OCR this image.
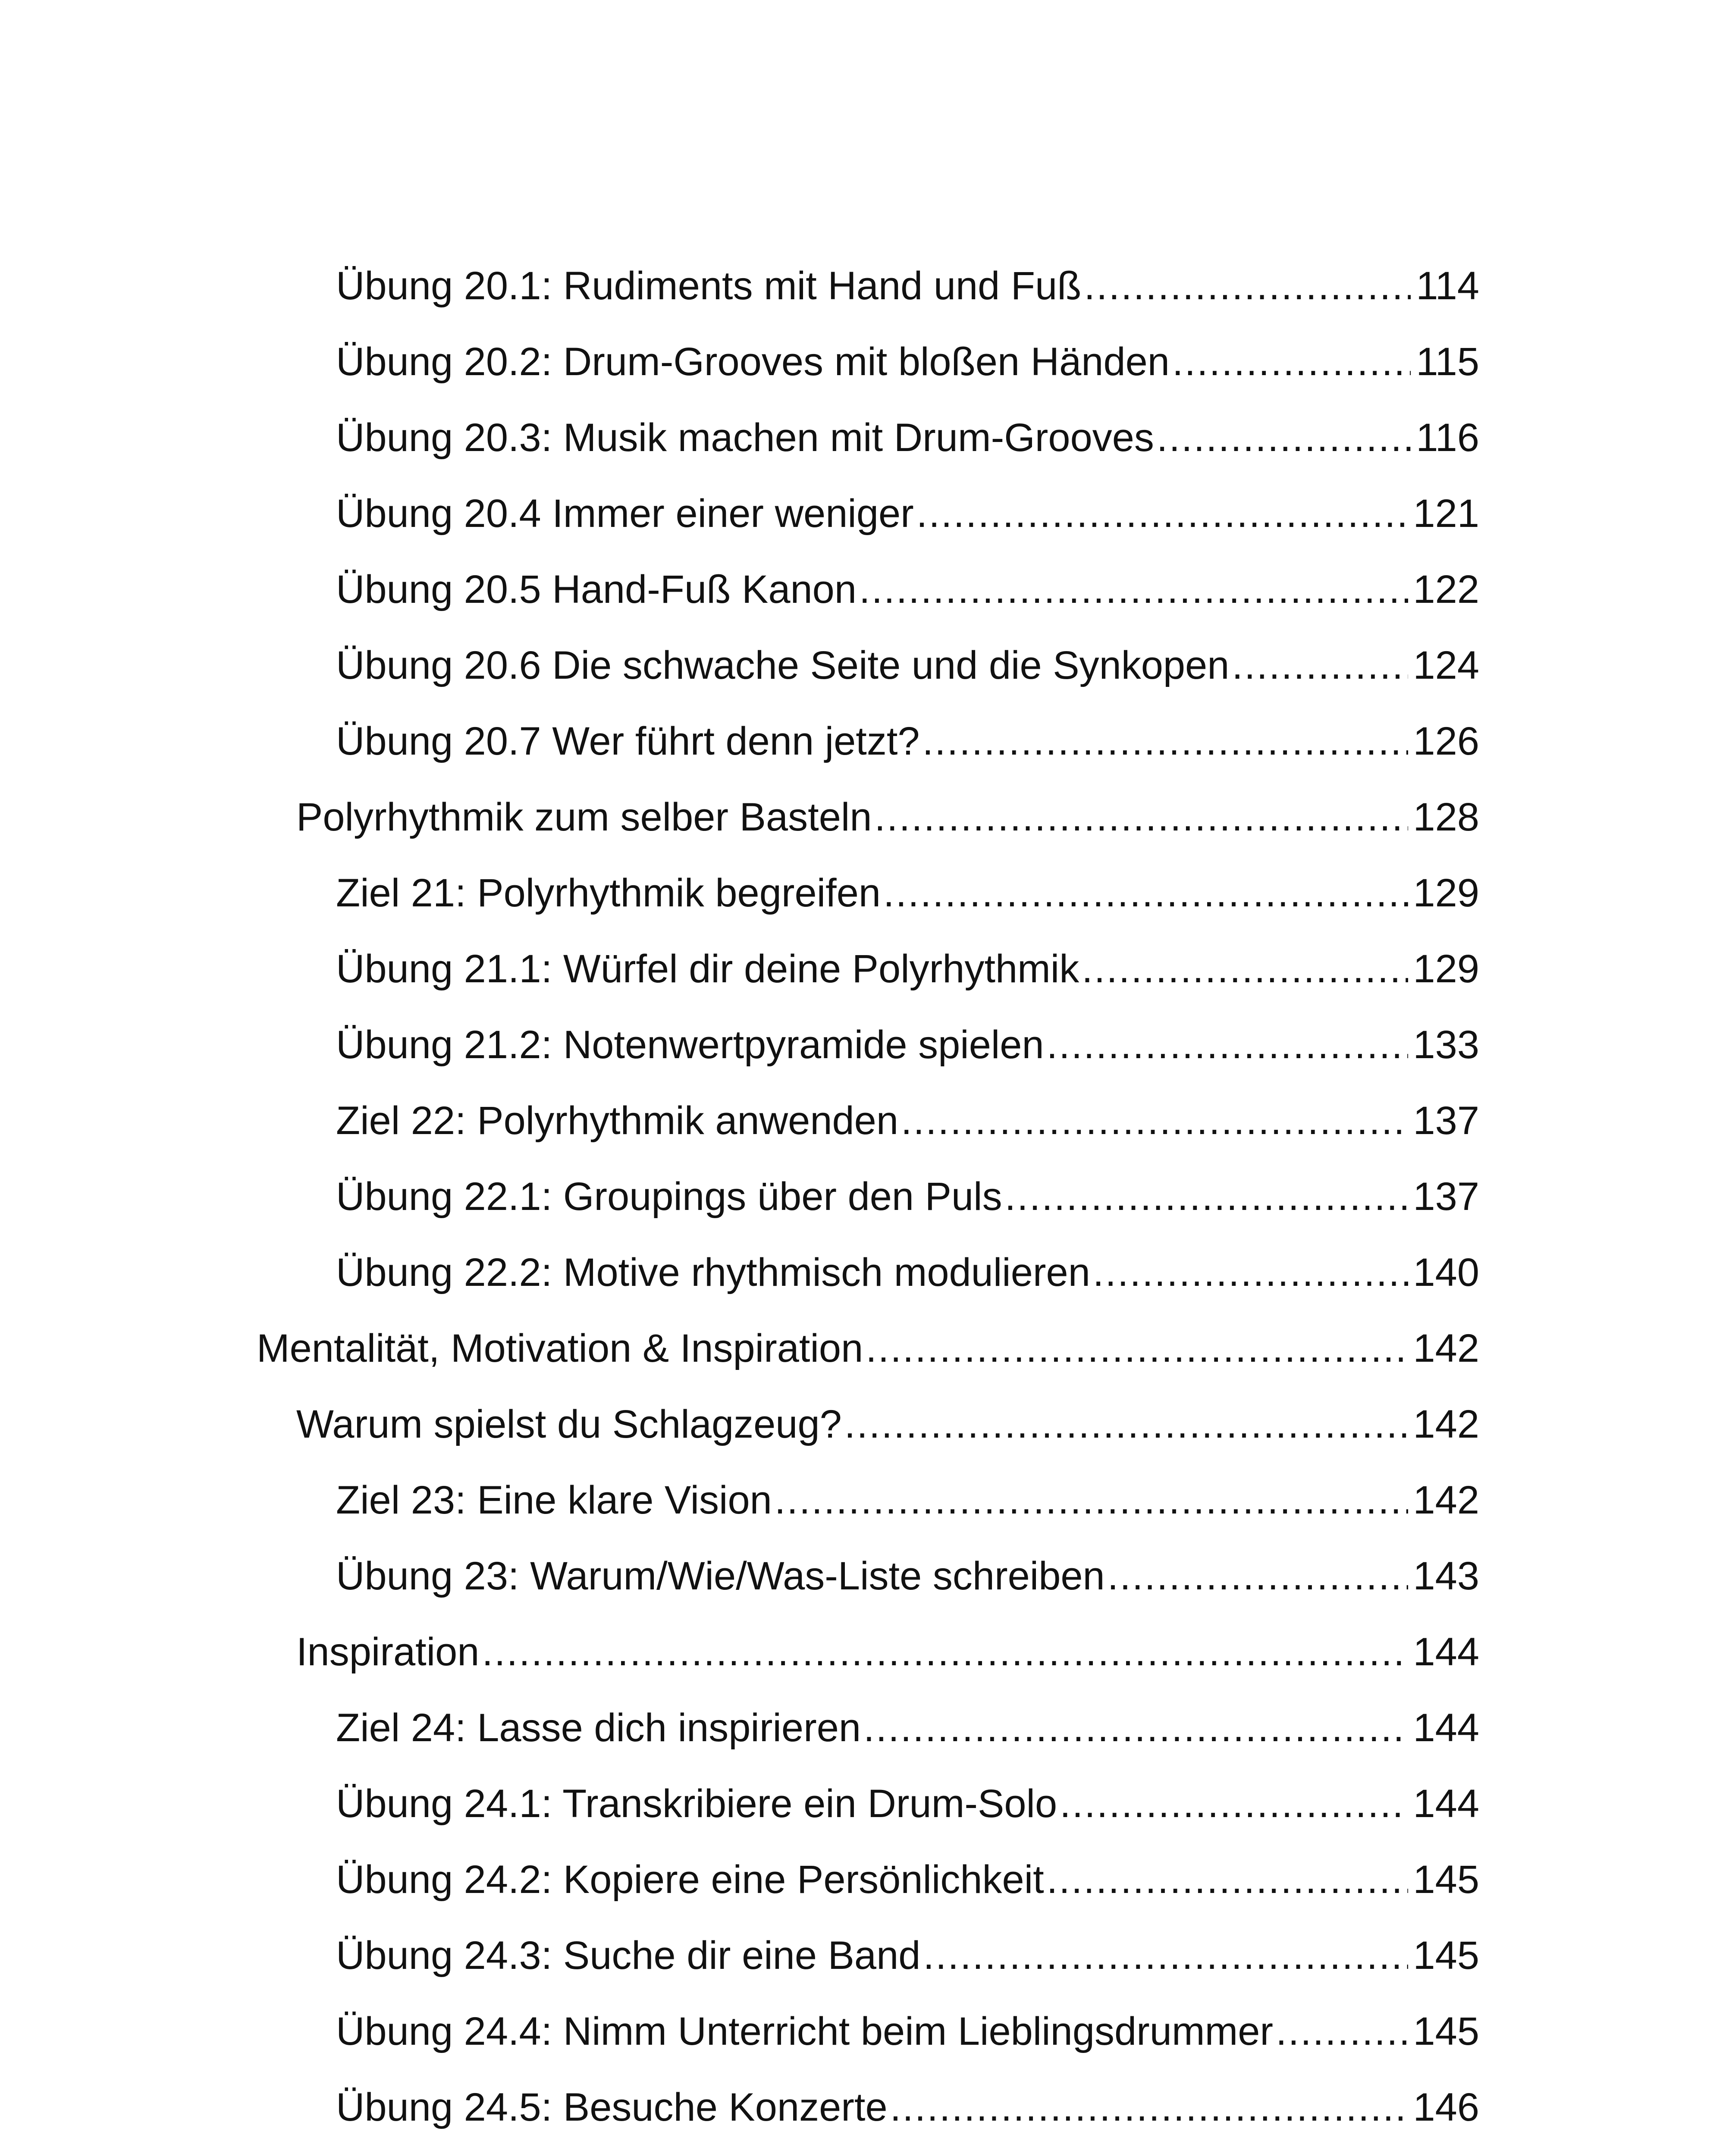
Übung 20.1: Rudiments mit Hand und Fuß .....	114
Übung 20.2: Drum-Grooves mit bloßen Händen .....	115
Übung 20.3: Musik machen mit Drum-Grooves .....	116
Übung 20.4 Immer einer weniger .....	121
Übung 20.5 Hand-Fuß Kanon .....	122
Übung 20.6 Die schwache Seite und die Synkopen .....	124
Übung 20.7 Wer führt denn jetzt? .....	126
Polyrhythmik zum selber Basteln .....	128
Ziel 21: Polyrhythmik begreifen .....	129
Übung 21.1: Würfel dir deine Polyrhythmik .....	129
Übung 21.2: Notenwertpyramide spielen .....	133
Ziel 22: Polyrhythmik anwenden .....	137
Übung 22.1: Groupings über den Puls .....	137
Übung 22.2: Motive rhythmisch modulieren .....	140
Mentalität, Motivation & Inspiration .....	142
Warum spielst du Schlagzeug? .....	142
Ziel 23: Eine klare Vision .....	142
Übung 23: Warum/Wie/Was-Liste schreiben .....	143
Inspiration .....	144
Ziel 24: Lasse dich inspirieren .....	144
Übung 24.1: Transkribiere ein Drum-Solo .....	144
Übung 24.2: Kopiere eine Persönlichkeit .....	145
Übung 24.3: Suche dir eine Band .....	145
Übung 24.4: Nimm Unterricht beim Lieblingsdrummer .....	145
Übung 24.5: Besuche Konzerte .....	146
